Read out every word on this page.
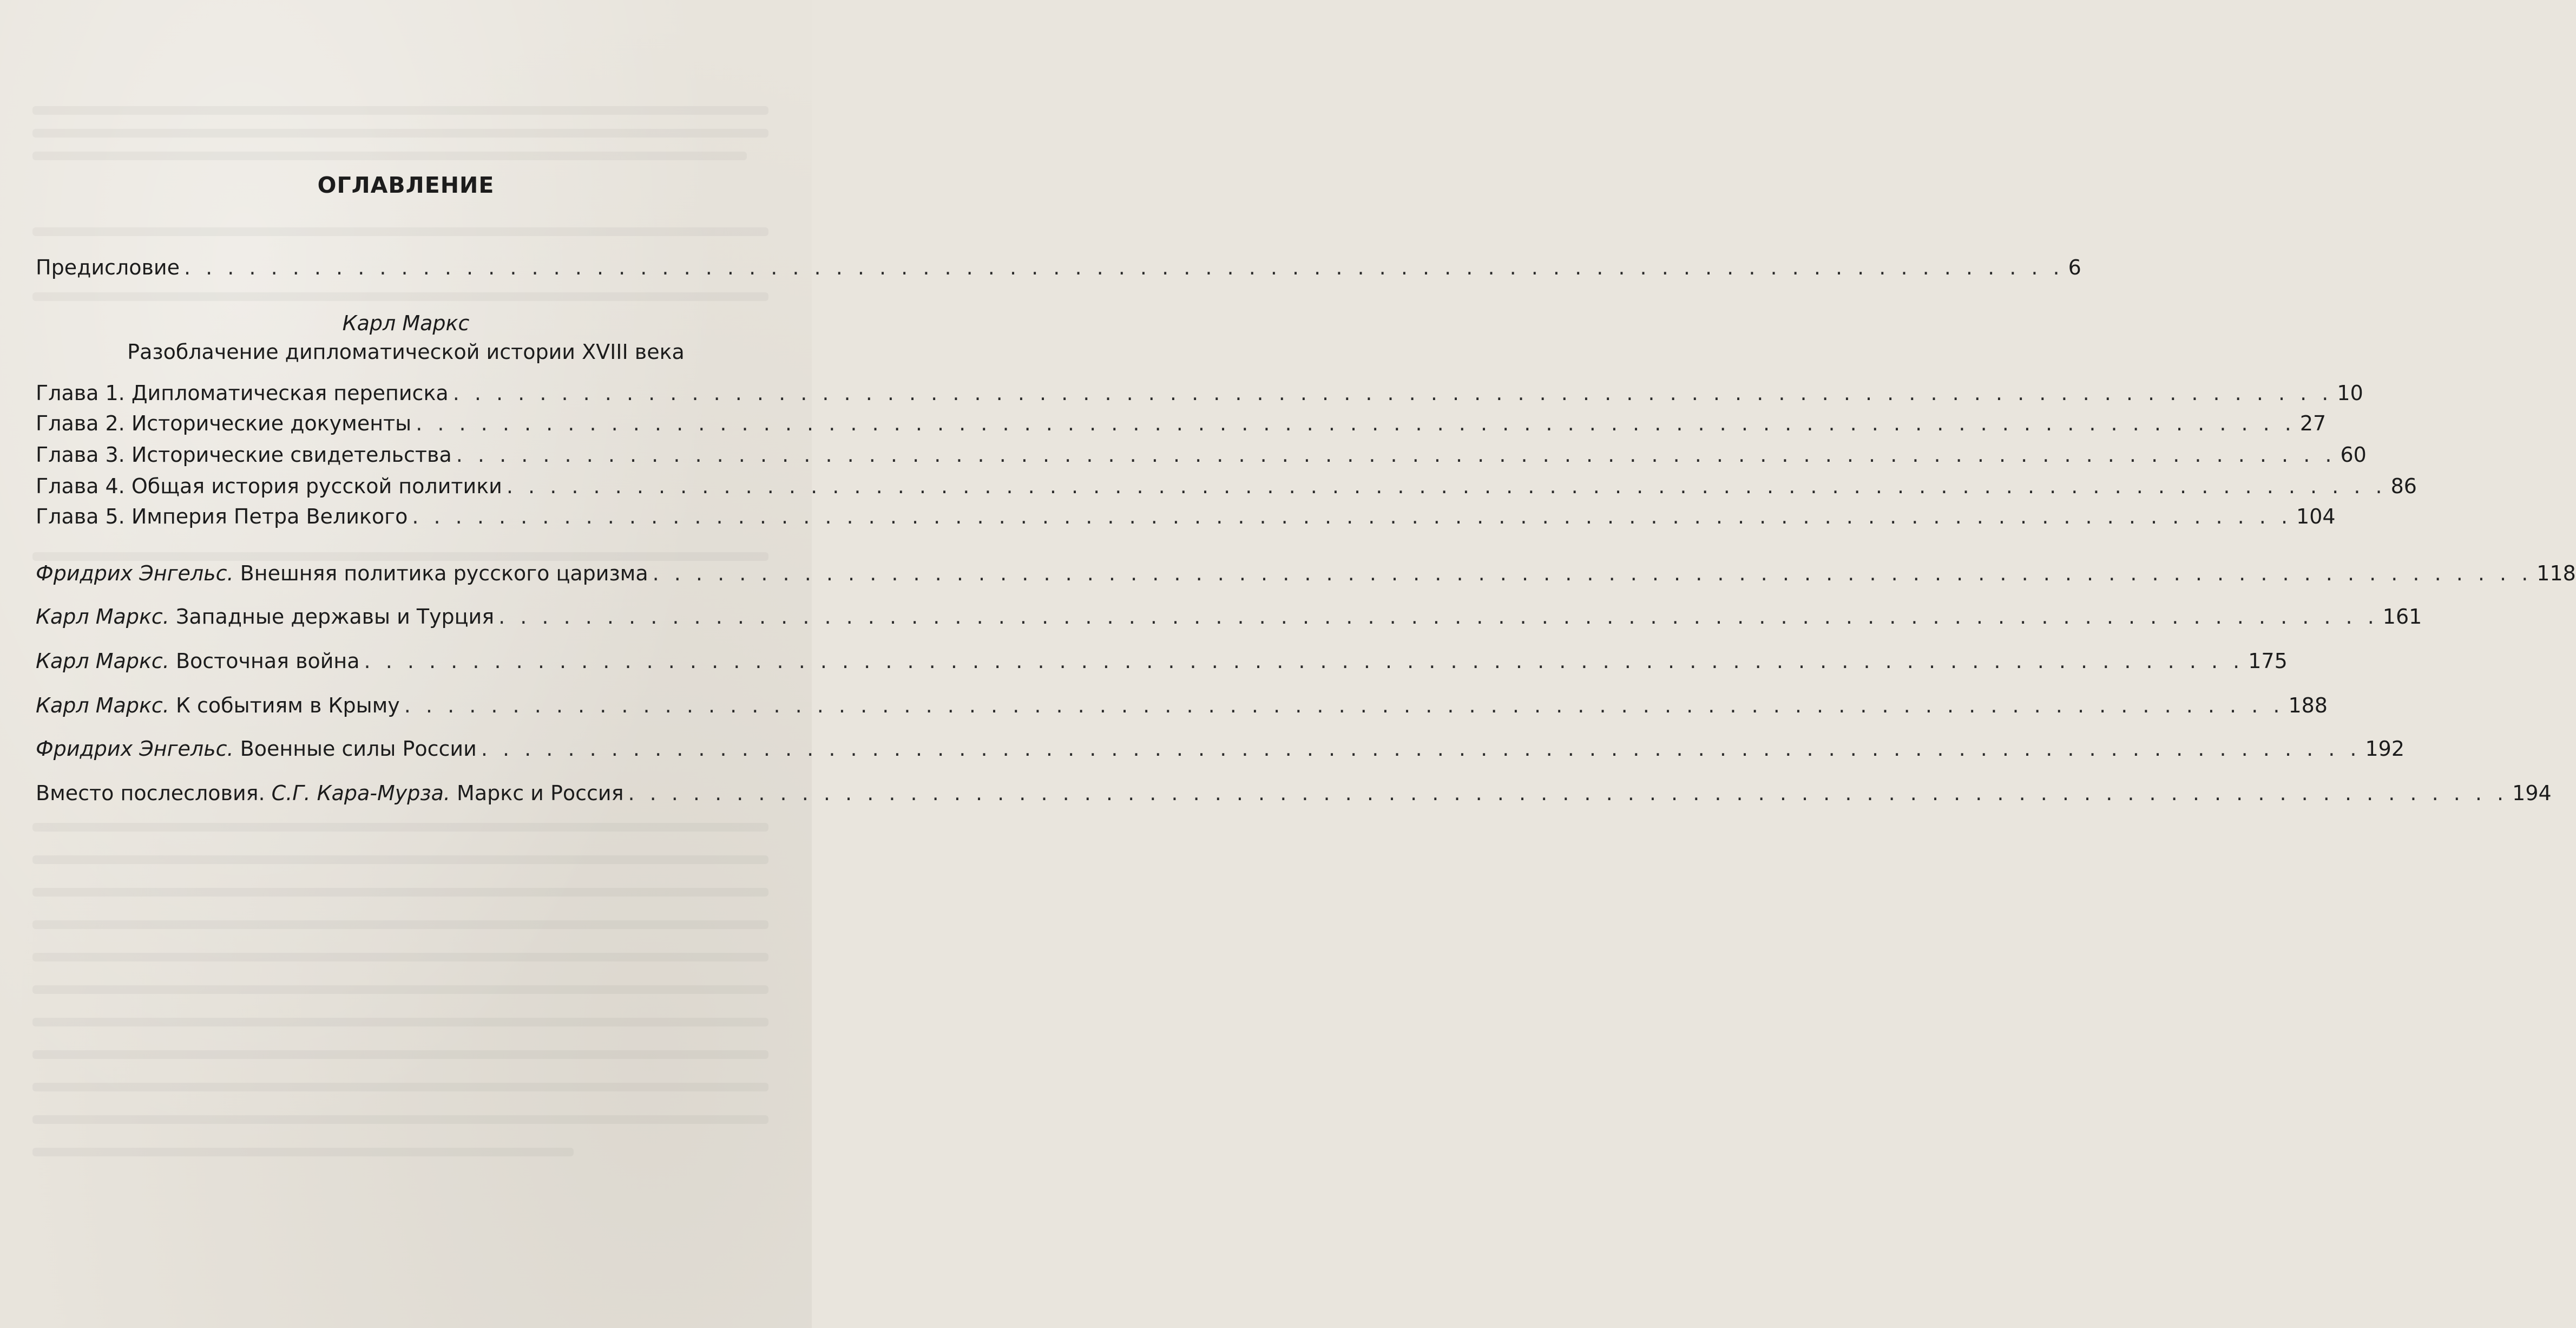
ОГЛАВЛЕНИЕ
Предисловие . . . . . . . . . . . . . . . . . . . . . . . . . . . . . . . . . . . . . . . . . . . . . . . . . . . . . . . . . . . . . . . . . . . . . . . . . . . . . . . . . . . . . . . 6
Карл Маркс
Разоблачение дипломатической истории XVIII века
Глава 1. Дипломатическая переписка . . . . . . . . . . . . . . . . . . . . . . . . . . . . . . . . . . . . . . . . . . . . . . . . . . . . . . . . . . . . . . . . . . . . . . . . . . . . . . . . . . . . . . . 10
Глава 2. Исторические документы . . . . . . . . . . . . . . . . . . . . . . . . . . . . . . . . . . . . . . . . . . . . . . . . . . . . . . . . . . . . . . . . . . . . . . . . . . . . . . . . . . . . . . . 27
Глава 3. Исторические свидетельства . . . . . . . . . . . . . . . . . . . . . . . . . . . . . . . . . . . . . . . . . . . . . . . . . . . . . . . . . . . . . . . . . . . . . . . . . . . . . . . . . . . . . . . 60
Глава 4. Общая история русской политики . . . . . . . . . . . . . . . . . . . . . . . . . . . . . . . . . . . . . . . . . . . . . . . . . . . . . . . . . . . . . . . . . . . . . . . . . . . . . . . . . . . . . . . 86
Глава 5. Империя Петра Великого . . . . . . . . . . . . . . . . . . . . . . . . . . . . . . . . . . . . . . . . . . . . . . . . . . . . . . . . . . . . . . . . . . . . . . . . . . . . . . . . . . . . . . . 104
Фридрих Энгельс. Внешняя политика русского царизма . . . . . . . . . . . . . . . . . . . . . . . . . . . . . . . . . . . . . . . . . . . . . . . . . . . . . . . . . . . . . . . . . . . . . . . . . . . . . . . . . . . . . . . 118
Карл Маркс. Западные державы и Турция . . . . . . . . . . . . . . . . . . . . . . . . . . . . . . . . . . . . . . . . . . . . . . . . . . . . . . . . . . . . . . . . . . . . . . . . . . . . . . . . . . . . . . . 161
Карл Маркс. Восточная война . . . . . . . . . . . . . . . . . . . . . . . . . . . . . . . . . . . . . . . . . . . . . . . . . . . . . . . . . . . . . . . . . . . . . . . . . . . . . . . . . . . . . . . 175
Карл Маркс. К событиям в Крыму . . . . . . . . . . . . . . . . . . . . . . . . . . . . . . . . . . . . . . . . . . . . . . . . . . . . . . . . . . . . . . . . . . . . . . . . . . . . . . . . . . . . . . . 188
Фридрих Энгельс. Военные силы России . . . . . . . . . . . . . . . . . . . . . . . . . . . . . . . . . . . . . . . . . . . . . . . . . . . . . . . . . . . . . . . . . . . . . . . . . . . . . . . . . . . . . . . 192
Вместо послесловия. С.Г. Кара-Мурза. Маркс и Россия . . . . . . . . . . . . . . . . . . . . . . . . . . . . . . . . . . . . . . . . . . . . . . . . . . . . . . . . . . . . . . . . . . . . . . . . . . . . . . . . . . . . . . . 194
